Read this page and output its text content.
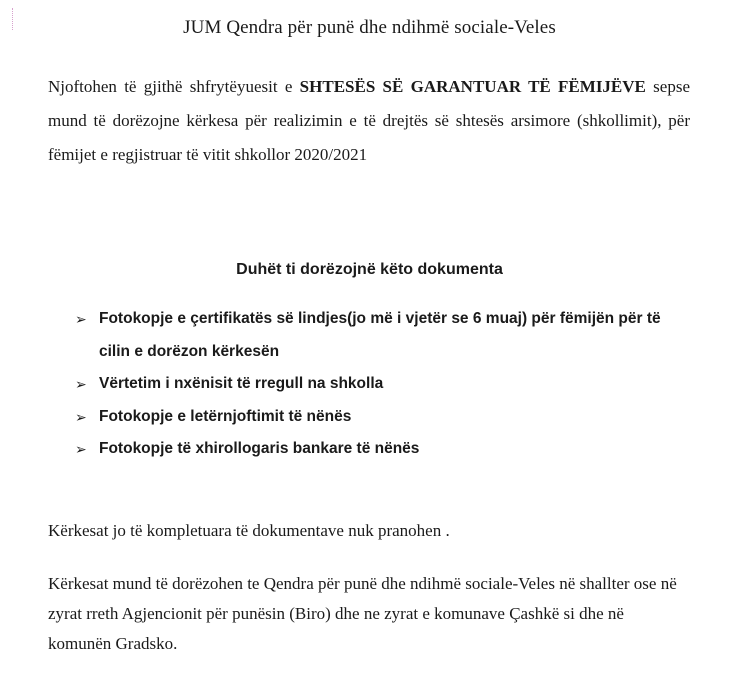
JUM Qendra për punë dhe ndihmë sociale-Veles

Njoftohen të gjithë shfrytëyuesit e SHTESËS SË GARANTUAR TË FËMIJËVE sepse mund të dorëzojne kërkesa për realizimin e të drejtës së shtesës arsimore (shkollimit), për fëmijet e regjistruar të vitit shkollor 2020/2021

Duhët ti dorëzojnë këto dokumenta
➢ Fotokopje e çertifikatës së lindjes(jo më i vjetër se 6 muaj) për fëmijën për të cilin e dorëzon kërkesën
➢ Vërtetim i nxënisit të rregull na shkolla
➢ Fotokopje e letërnjoftimit të nënës
➢ Fotokopje të xhirollogaris bankare të nënës
Kërkesat jo të kompletuara të dokumentave nuk pranohen .
Kërkesat mund të dorëzohen te Qendra për punë dhe ndihmë sociale-Veles në shallter ose në zyrat rreth Agjencionit për punësin (Biro) dhe ne zyrat e komunave Çashkë si dhe në komunën Gradsko.
